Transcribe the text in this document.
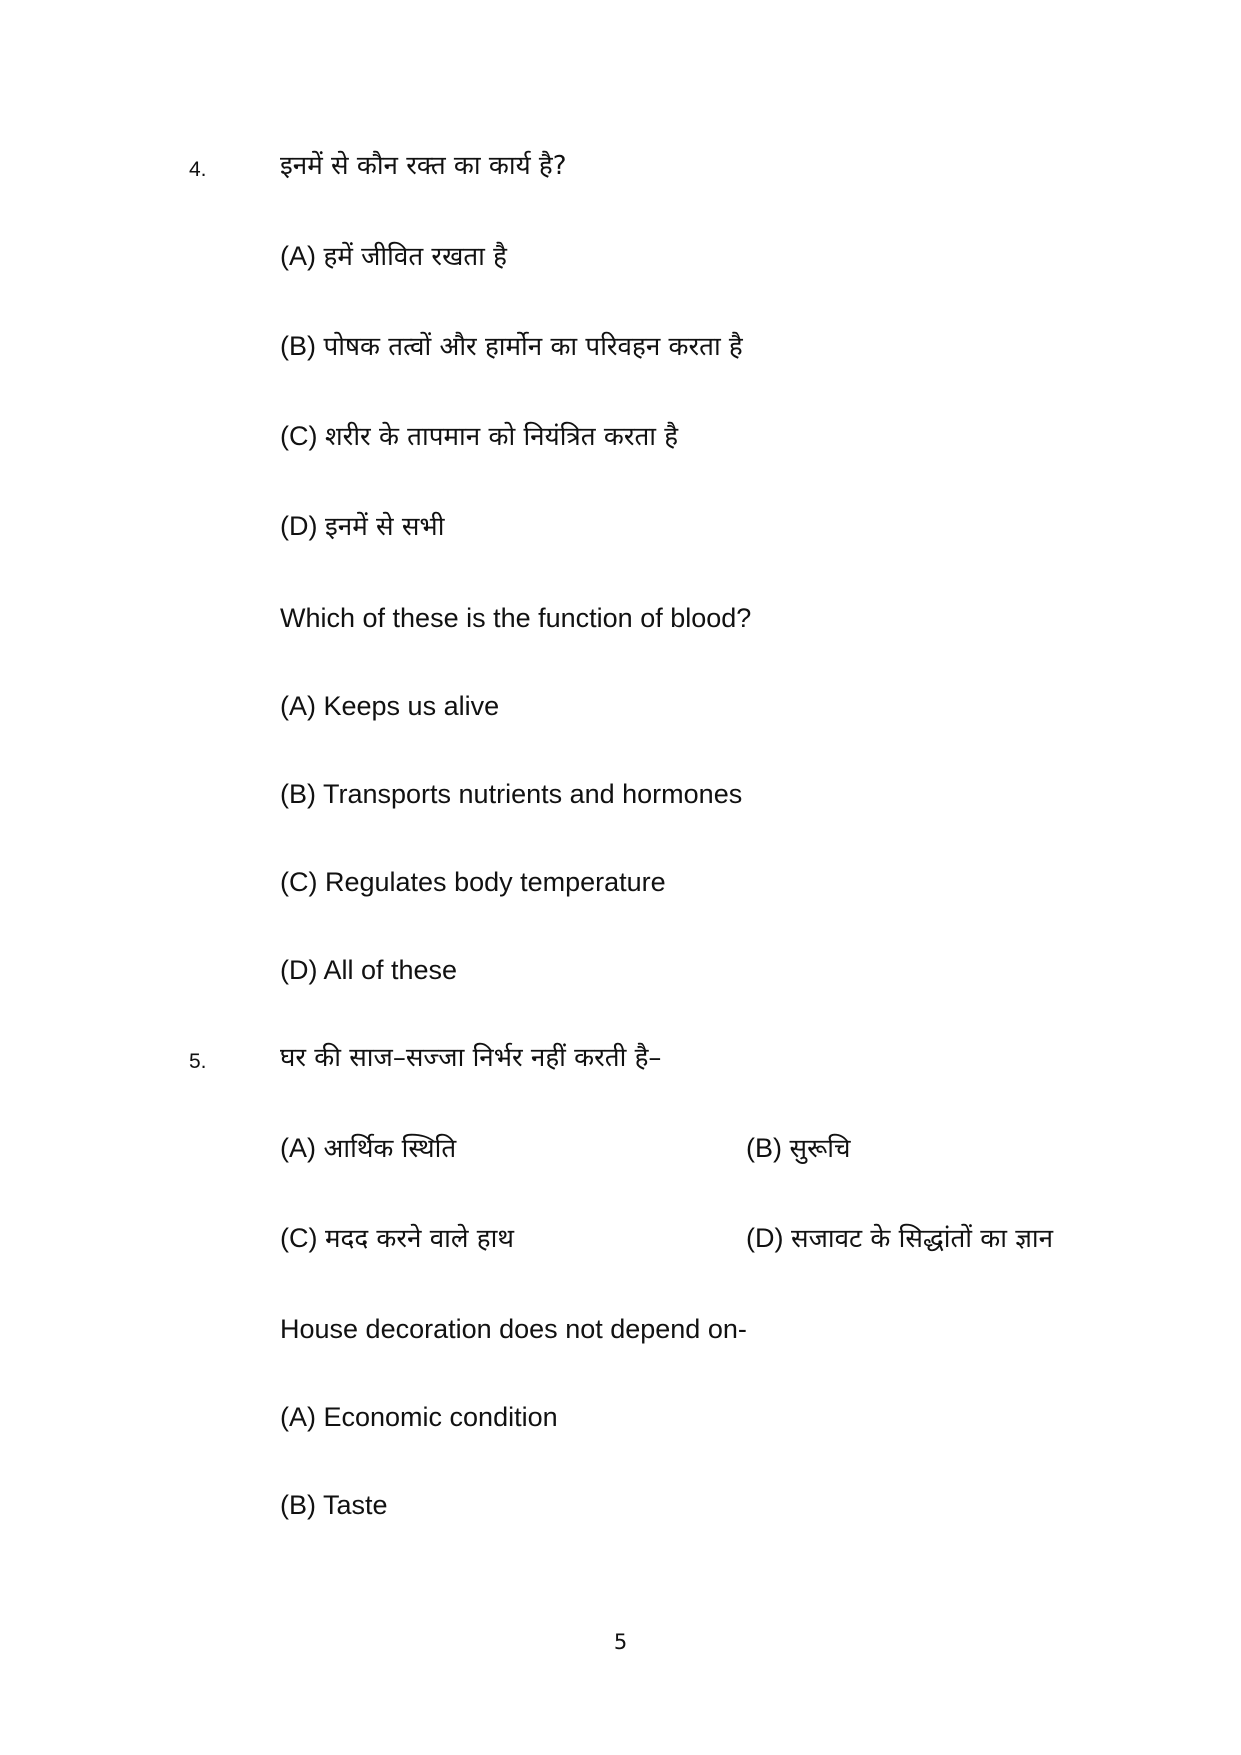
4.	इनमें से कौन रक्त का कार्य है?
(A) हमें जीवित रखता है
(B) पोषक तत्वों और हार्मोन का परिवहन करता है
(C) शरीर के तापमान को नियंत्रित करता है
(D) इनमें से सभी
Which of these is the function of blood?
(A) Keeps us alive
(B) Transports nutrients and hormones
(C) Regulates body temperature
(D) All of these
5.	घर की साज–सज्जा निर्भर नहीं करती है–
(A) आर्थिक स्थिति	(B) सुरूचि
(C) मदद करने वाले हाथ	(D) सजावट के सिद्धांतों का ज्ञान
House decoration does not depend on-
(A) Economic condition
(B) Taste
5
